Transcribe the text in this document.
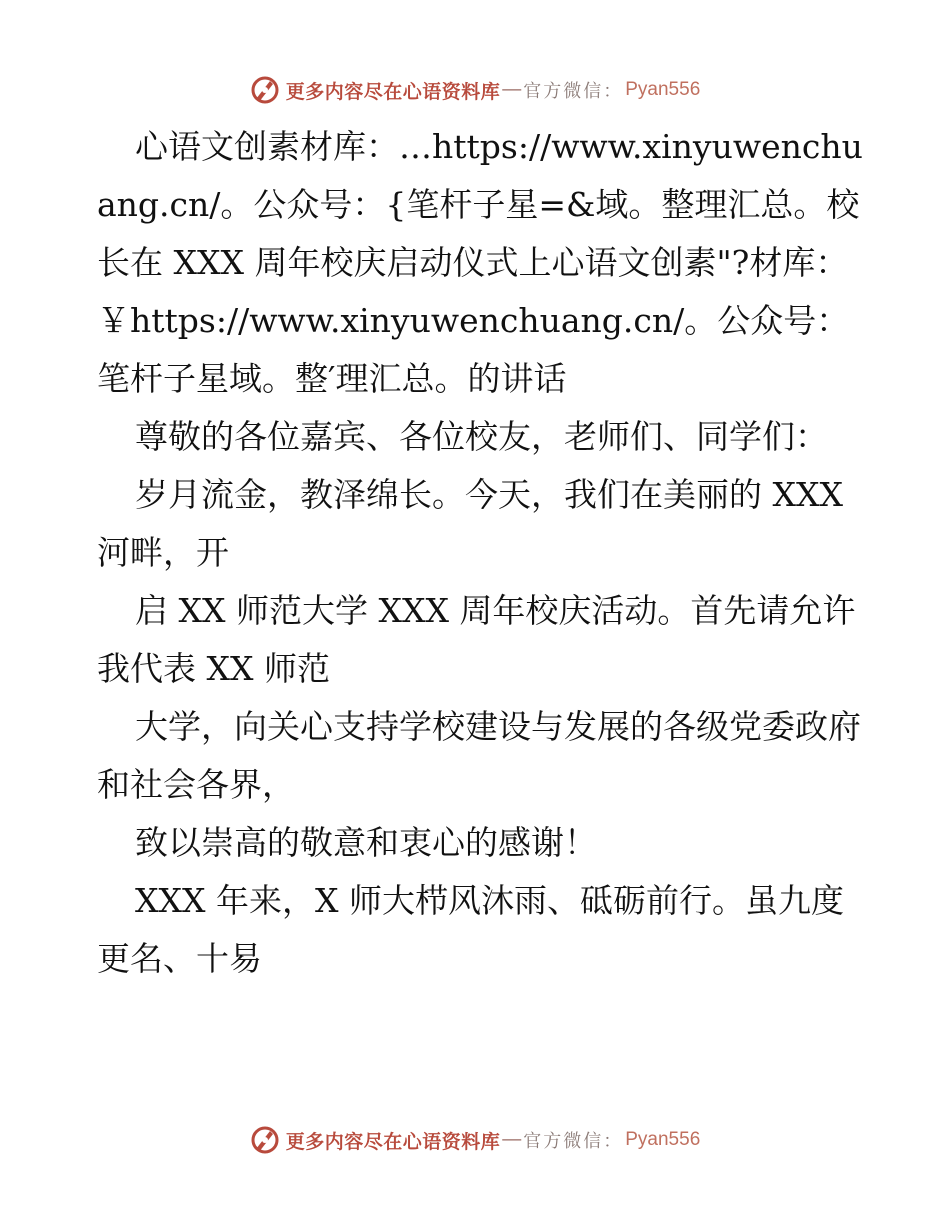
更多内容尽在心语资料库 — 官方微信： Pyan556

心语文创素材库：…https://www.xinyuwenchuang.cn/。公众号：{笔杆子星=&域。整理汇总。校长在 XXX 周年校庆启动仪式上心语文创素"?材库：￥https://www.xinyuwenchuang.cn/。公众号：笔杆子星域。整′理汇总。的讲话

尊敬的各位嘉宾、各位校友，老师们、同学们：

岁月流金，教泽绵长。今天，我们在美丽的 XXX 河畔，开

启 XX 师范大学 XXX 周年校庆活动。首先请允许我代表 XX 师范

大学，向关心支持学校建设与发展的各级党委政府和社会各界，

致以崇高的敬意和衷心的感谢！

XXX 年来，X 师大栉风沐雨、砥砺前行。虽九度更名、十易

更多内容尽在心语资料库 — 官方微信： Pyan556
